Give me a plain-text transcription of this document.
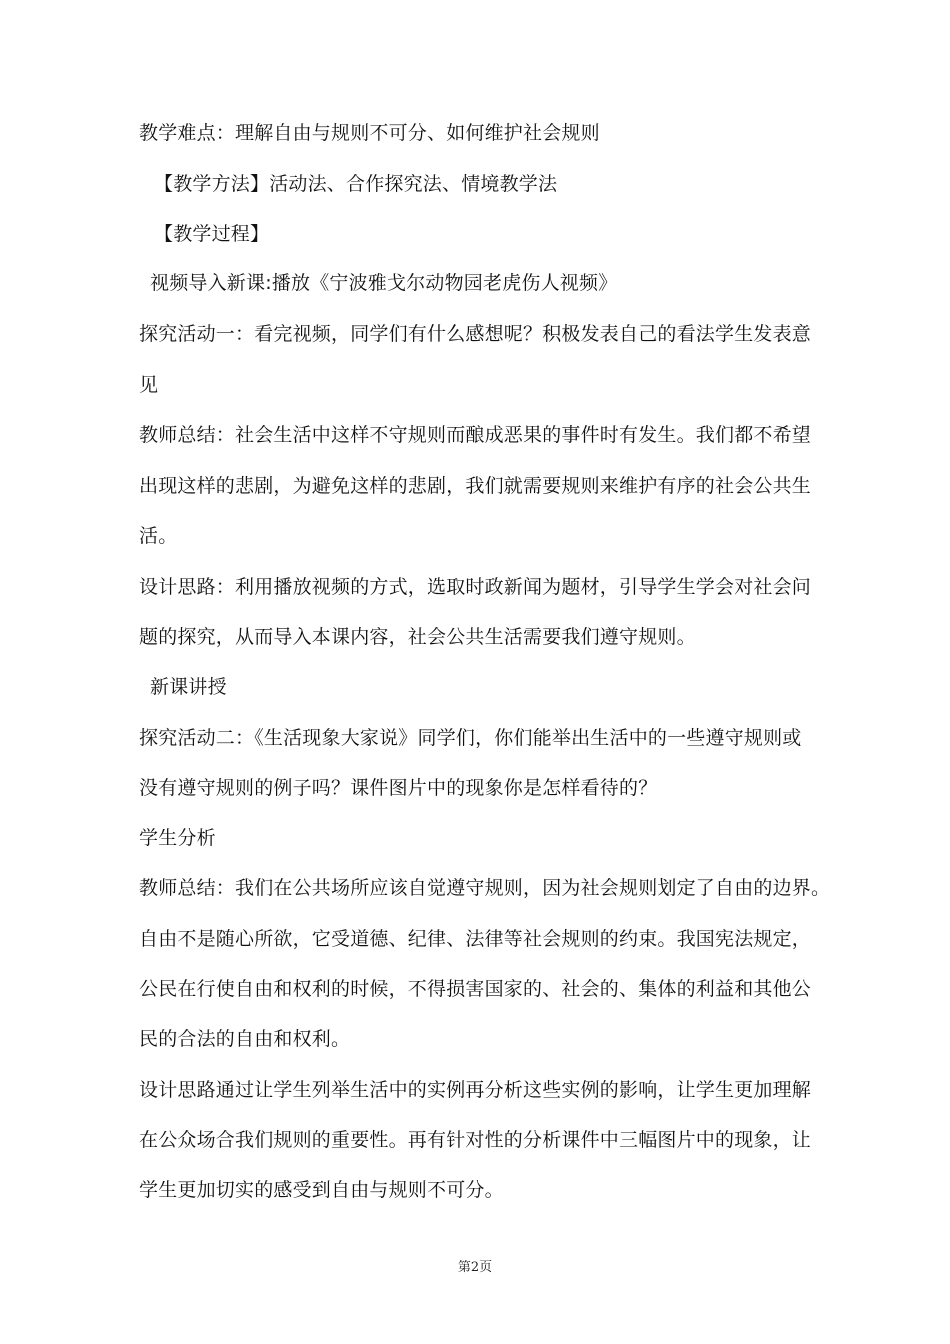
教学难点：理解自由与规则不可分、如何维护社会规则
【教学方法】活动法、合作探究法、情境教学法
【教学过程】
视频导入新课:播放《宁波雅戈尔动物园老虎伤人视频》
探究活动一：看完视频，同学们有什么感想呢？积极发表自己的看法学生发表意
见
教师总结：社会生活中这样不守规则而酿成恶果的事件时有发生。我们都不希望
出现这样的悲剧，为避免这样的悲剧，我们就需要规则来维护有序的社会公共生
活。
设计思路：利用播放视频的方式，选取时政新闻为题材，引导学生学会对社会问
题的探究，从而导入本课内容，社会公共生活需要我们遵守规则。
新课讲授
探究活动二：《生活现象大家说》同学们，你们能举出生活中的一些遵守规则或
没有遵守规则的例子吗？课件图片中的现象你是怎样看待的？
学生分析
教师总结：我们在公共场所应该自觉遵守规则，因为社会规则划定了自由的边界。
自由不是随心所欲，它受道德、纪律、法律等社会规则的约束。我国宪法规定，
公民在行使自由和权利的时候，不得损害国家的、社会的、集体的利益和其他公
民的合法的自由和权利。
设计思路通过让学生列举生活中的实例再分析这些实例的影响，让学生更加理解
在公众场合我们规则的重要性。再有针对性的分析课件中三幅图片中的现象，让
学生更加切实的感受到自由与规则不可分。
第2页
